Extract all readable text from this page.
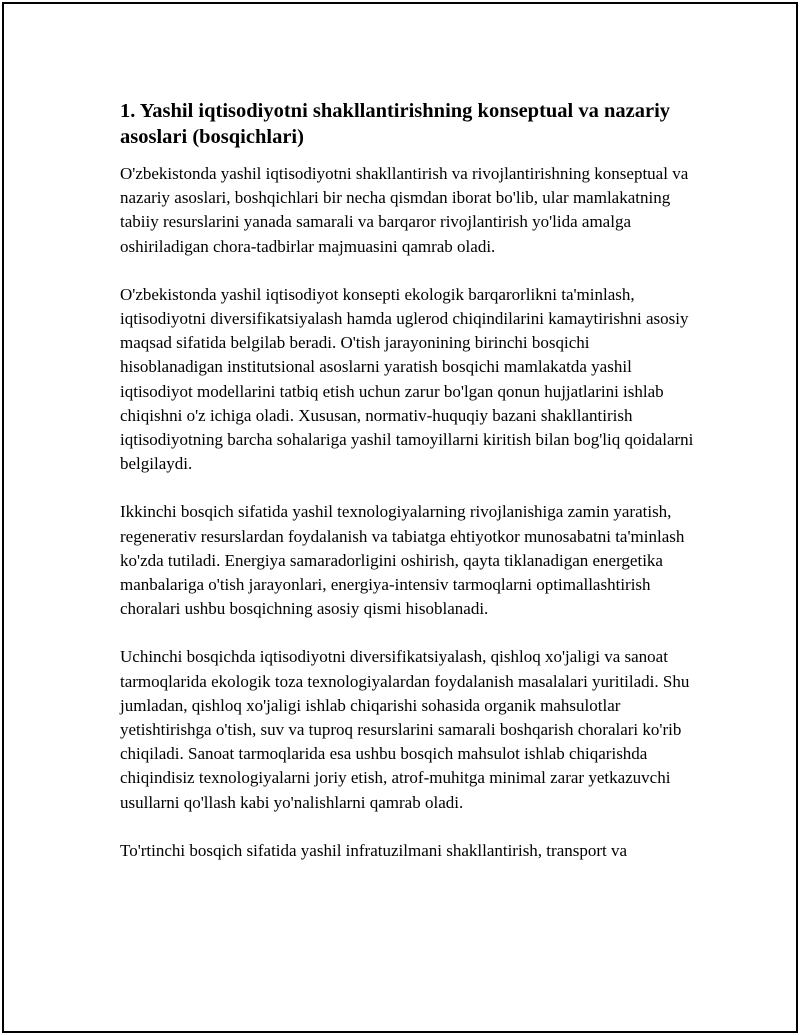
1. Yashil iqtisodiyotni shakllantirishning konseptual va nazariy asoslari (bosqichlari)

O'zbekistonda yashil iqtisodiyotni shakllantirish va rivojlantirishning konseptual va nazariy asoslari, boshqichlari bir necha qismdan iborat bo'lib, ular mamlakatning tabiiy resurslarini yanada samarali va barqaror rivojlantirish yo'lida amalga oshiriladigan chora-tadbirlar majmuasini qamrab oladi.

O'zbekistonda yashil iqtisodiyot konsepti ekologik barqarorlikni ta'minlash, iqtisodiyotni diversifikatsiyalash hamda uglerod chiqindilarini kamaytirishni asosiy maqsad sifatida belgilab beradi. O'tish jarayonining birinchi bosqichi hisoblanadigan institutsional asoslarni yaratish bosqichi mamlakatda yashil iqtisodiyot modellarini tatbiq etish uchun zarur bo'lgan qonun hujjatlarini ishlab chiqishni o'z ichiga oladi. Xususan, normativ-huquqiy bazani shakllantirish iqtisodiyotning barcha sohalariga yashil tamoyillarni kiritish bilan bog'liq qoidalarni belgilaydi.

Ikkinchi bosqich sifatida yashil texnologiyalarning rivojlanishiga zamin yaratish, regenerativ resurslardan foydalanish va tabiatga ehtiyotkor munosabatni ta'minlash ko'zda tutiladi. Energiya samaradorligini oshirish, qayta tiklanadigan energetika manbalariga o'tish jarayonlari, energiya-intensiv tarmoqlarni optimallashtirish choralari ushbu bosqichning asosiy qismi hisoblanadi.

Uchinchi bosqichda iqtisodiyotni diversifikatsiyalash, qishloq xo'jaligi va sanoat tarmoqlarida ekologik toza texnologiyalardan foydalanish masalalari yuritiladi. Shu jumladan, qishloq xo'jaligi ishlab chiqarishi sohasida organik mahsulotlar yetishtirishga o'tish, suv va tuproq resurslarini samarali boshqarish choralari ko'rib chiqiladi. Sanoat tarmoqlarida esa ushbu bosqich mahsulot ishlab chiqarishda chiqindisiz texnologiyalarni joriy etish, atrof-muhitga minimal zarar yetkazuvchi usullarni qo'llash kabi yo'nalishlarni qamrab oladi.

To'rtinchi bosqich sifatida yashil infratuzilmani shakllantirish, transport va
